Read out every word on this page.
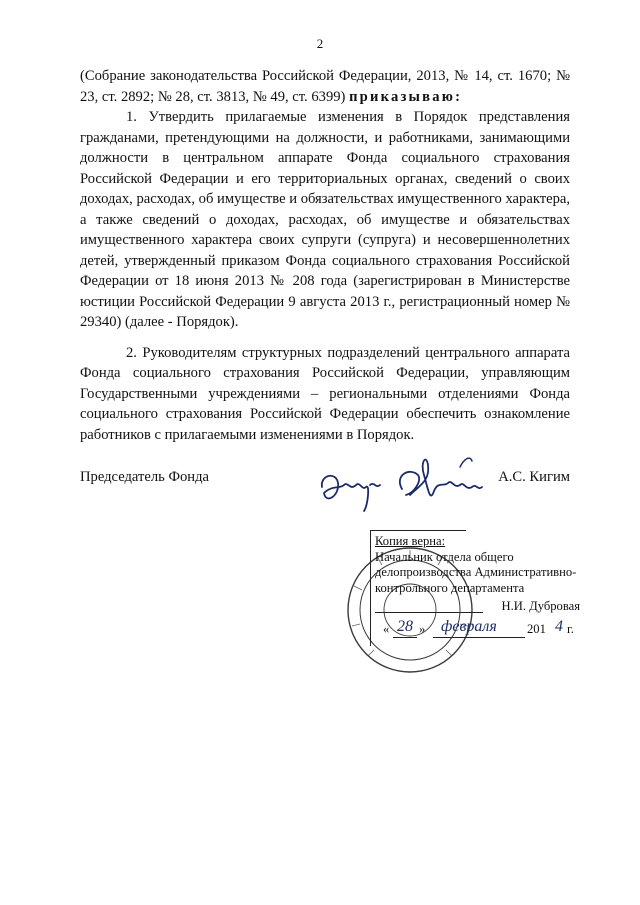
2

(Собрание законодательства Российской Федерации, 2013, № 14, ст. 1670; № 23, ст. 2892; № 28, ст. 3813, № 49, ст. 6399) приказываю:

1. Утвердить прилагаемые изменения в Порядок представления гражданами, претендующими на должности, и работниками, занимающими должности в центральном аппарате Фонда социального страхования Российской Федерации и его территориальных органах, сведений о своих доходах, расходах, об имуществе и обязательствах имущественного характера, а также сведений о доходах, расходах, об имуществе и обязательствах имущественного характера своих супруги (супруга) и несовершеннолетних детей, утвержденный приказом Фонда социального страхования Российской Федерации от 18 июня 2013 № 208 года (зарегистрирован в Министерстве юстиции Российской Федерации 9 августа 2013 г., регистрационный номер № 29340) (далее - Порядок).

2. Руководителям структурных подразделений центрального аппарата Фонда социального страхования Российской Федерации, управляющим Государственными учреждениями – региональными отделениями Фонда социального страхования Российской Федерации обеспечить ознакомление работников с прилагаемыми изменениями в Порядок.

Председатель Фонда	А.С. Кигим
Копия верна:
Начальник отдела общего
делопроизводства Административно-
контрольного департамента
Н.И. Дубровая
« 28 » февраля 201 4 г.
